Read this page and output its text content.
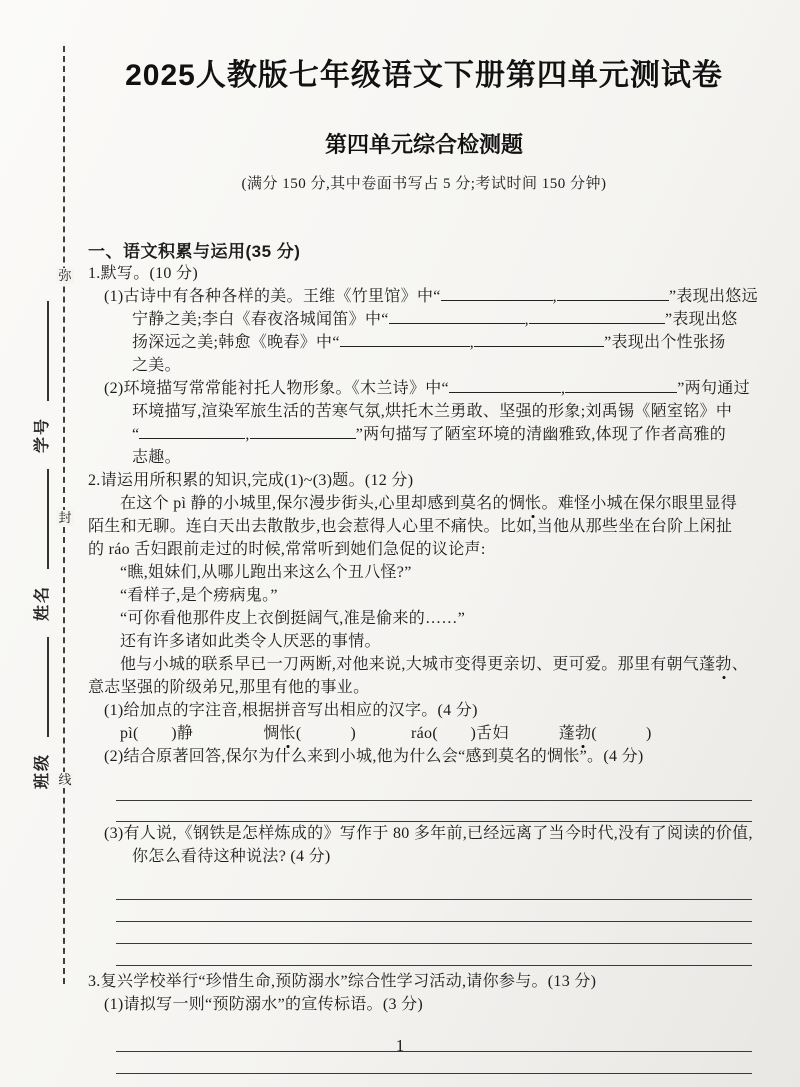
弥
封
线
班级
姓名
学号
2025人教版七年级语文下册第四单元测试卷
第四单元综合检测题
(满分 150 分,其中卷面书写占 5 分;考试时间 150 分钟)
一、语文积累与运用(35 分)
1.默写。(10 分)
(1)古诗中有各种各样的美。王维《竹里馆》中“	,	”表现出悠远
宁静之美;李白《春夜洛城闻笛》中“	,	”表现出悠
扬深远之美;韩愈《晚春》中“	,	”表现出个性张扬
之美。
(2)环境描写常常能衬托人物形象。《木兰诗》中“	,	”两句通过
环境描写,渲染军旅生活的苦寒气氛,烘托木兰勇敢、坚强的形象;刘禹锡《陋室铭》中
“	,	”两句描写了陋室环境的清幽雅致,体现了作者高雅的
志趣。
2.请运用所积累的知识,完成(1)~(3)题。(12 分)
在这个 pì 静的小城里,保尔漫步街头,心里却感到莫名的惆怅。难怪小城在保尔眼里显得
陌生和无聊。连白天出去散散步,也会惹得人心里不痛快。比如,当他从那些坐在台阶上闲扯
的 ráo 舌妇跟前走过的时候,常常听到她们急促的议论声:
“瞧,姐妹们,从哪儿跑出来这么个丑八怪?”
“看样子,是个痨病鬼。”
“可你看他那件皮上衣倒挺阔气,准是偷来的……”
还有许多诸如此类令人厌恶的事情。
他与小城的联系早已一刀两断,对他来说,大城市变得更亲切、更可爱。那里有朝气蓬勃、
意志坚强的阶级弟兄,那里有他的事业。
(1)给加点的字注音,根据拼音写出相应的汉字。(4 分)
pì(　　)静	惆怅(　　　)	ráo(　　)舌妇	蓬勃(　　　)
(2)结合原著回答,保尔为什么来到小城,他为什么会“感到莫名的惆怅”。(4 分)
(3)有人说,《钢铁是怎样炼成的》写作于 80 多年前,已经远离了当今时代,没有了阅读的价值,
你怎么看待这种说法? (4 分)
3.复兴学校举行“珍惜生命,预防溺水”综合性学习活动,请你参与。(13 分)
(1)请拟写一则“预防溺水”的宣传标语。(3 分)
1
